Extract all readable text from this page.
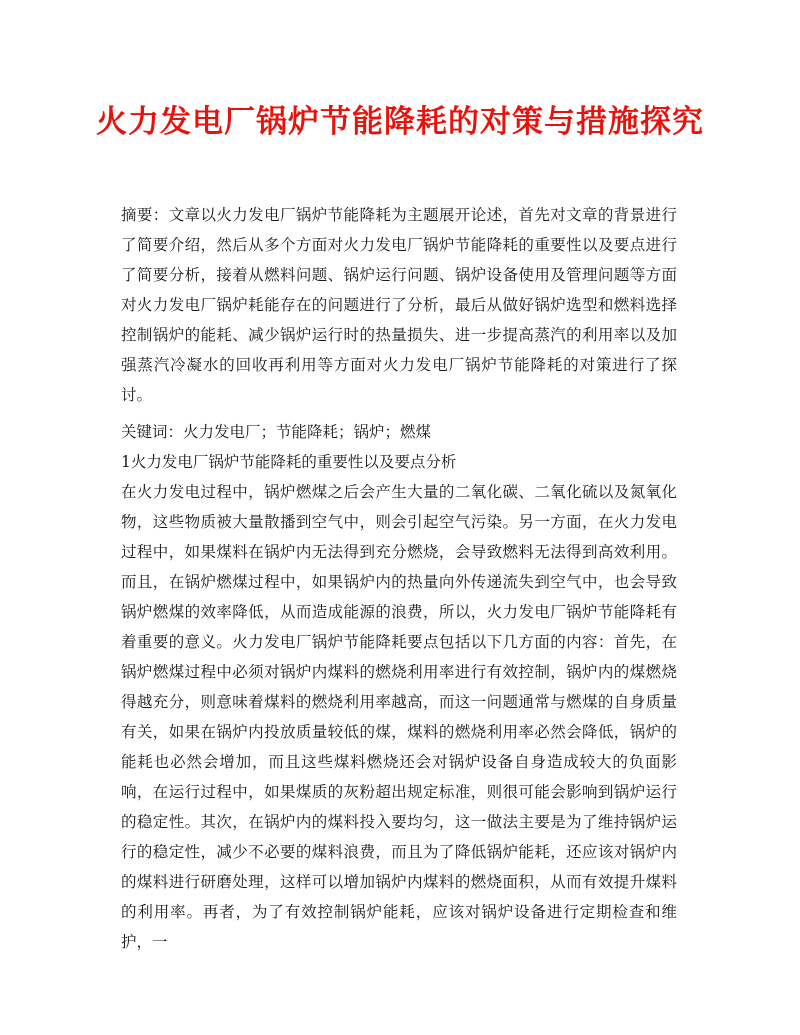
火力发电厂锅炉节能降耗的对策与措施探究

摘要：文章以火力发电厂锅炉节能降耗为主题展开论述，首先对文章的背景进行了简要介绍，然后从多个方面对火力发电厂锅炉节能降耗的重要性以及要点进行了简要分析，接着从燃料问题、锅炉运行问题、锅炉设备使用及管理问题等方面对火力发电厂锅炉耗能存在的问题进行了分析，最后从做好锅炉选型和燃料选择控制锅炉的能耗、减少锅炉运行时的热量损失、进一步提高蒸汽的利用率以及加强蒸汽冷凝水的回收再利用等方面对火力发电厂锅炉节能降耗的对策进行了探讨。

关键词：火力发电厂；节能降耗；锅炉；燃煤

1火力发电厂锅炉节能降耗的重要性以及要点分析

在火力发电过程中，锅炉燃煤之后会产生大量的二氧化碳、二氧化硫以及氮氧化物，这些物质被大量散播到空气中，则会引起空气污染。另一方面，在火力发电过程中，如果煤料在锅炉内无法得到充分燃烧，会导致燃料无法得到高效利用。而且，在锅炉燃煤过程中，如果锅炉内的热量向外传递流失到空气中，也会导致锅炉燃煤的效率降低，从而造成能源的浪费，所以，火力发电厂锅炉节能降耗有着重要的意义。火力发电厂锅炉节能降耗要点包括以下几方面的内容：首先，在锅炉燃煤过程中必须对锅炉内煤料的燃烧利用率进行有效控制，锅炉内的煤燃烧得越充分，则意味着煤料的燃烧利用率越高，而这一问题通常与燃煤的自身质量有关，如果在锅炉内投放质量较低的煤，煤料的燃烧利用率必然会降低，锅炉的能耗也必然会增加，而且这些煤料燃烧还会对锅炉设备自身造成较大的负面影响，在运行过程中，如果煤质的灰粉超出规定标准，则很可能会影响到锅炉运行的稳定性。其次，在锅炉内的煤料投入要均匀，这一做法主要是为了维持锅炉运行的稳定性，减少不必要的煤料浪费，而且为了降低锅炉能耗，还应该对锅炉内的煤料进行研磨处理，这样可以增加锅炉内煤料的燃烧面积，从而有效提升煤料的利用率。再者，为了有效控制锅炉能耗，应该对锅炉设备进行定期检查和维护，一
